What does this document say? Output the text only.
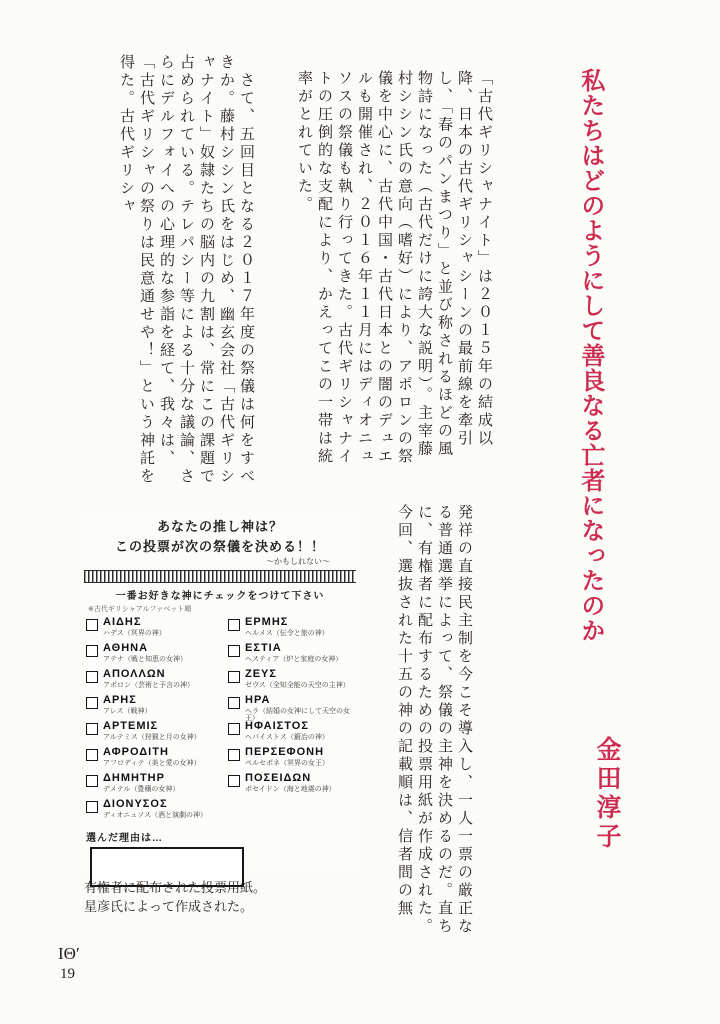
私たちはどのようにして善良なる亡者になったのか
金田淳子
「古代ギリシャナイト」は２０１５年の結成以降、日本の古代ギリシャシーンの最前線を牽引し、「春のパンまつり」と並び称されるほどの風物詩になった（古代だけに誇大な説明）。主宰藤村シシン氏の意向（嗜好）により、アポロンの祭儀を中心に、古代中国・古代日本との闇のデュエルも開催され、２０１６年１１月にはディオニュソスの祭儀も執り行ってきた。古代ギリシャナイトの圧倒的な支配により、かえってこの一帯は統率がとれていた。
　さて、五回目となる２０１７年度の祭儀は何をすべきか。藤村シシン氏をはじめ、幽玄会社「古代ギリシャナイト」奴隷たちの脳内の九割は、常にこの課題で占められている。テレパシー等による十分な議論、さらにデルフォイへの心理的な参詣を経て、我々は、「古代ギリシャの祭りは民意通せや！」という神託を得た。古代ギリシャ
発祥の直接民主制を今こそ導入し、一人一票の厳正なる普通選挙によって、祭儀の主神を決めるのだ。直ちに、有権者に配布するための投票用紙が作成された。今回、選抜された十五の神の記載順は、信者間の無
あなたの推し神は？
この投票が次の祭儀を決める！！
〜かもしれない〜
一番お好きな神にチェックをつけて下さい
※古代ギリシャアルファベット順
ΑΙΔΗΣ
ハデス（冥界の神）
ΑΘΗΝΑ
アテナ（戦と知恵の女神）
ΑΠΟΛΛΩΝ
アポロン（芸術と予言の神）
ΑΡΗΣ
アレス（戦神）
ΑΡΤΕΜΙΣ
アルテミス（狩猟と月の女神）
ΑΦΡΟΔΙΤΗ
アフロディテ（美と愛の女神）
ΔΗΜΗΤΗΡ
デメテル（豊穣の女神）
ΔΙΟΝΥΣΟΣ
ディオニュソス（酒と演劇の神）
ΕΡΜΗΣ
ヘルメス（伝令と旅の神）
ΕΣΤΙΑ
ヘスティア（炉と家庭の女神）
ΖΕΥΣ
ゼウス（全知全能の天空の主神）
ΗΡΑ
ヘラ（結婚の女神にして天空の女王）
ΗΦΑΙΣΤΟΣ
ヘパイストス（鍛冶の神）
ΠΕΡΣΕΦΟΝΗ
ペルセポネ（冥界の女王）
ΠΟΣΕΙΔΩΝ
ポセイドン（海と地震の神）
選んだ理由は…
有権者に配布された投票用紙。
星彦氏によって作成された。
ΙΘ′
19
